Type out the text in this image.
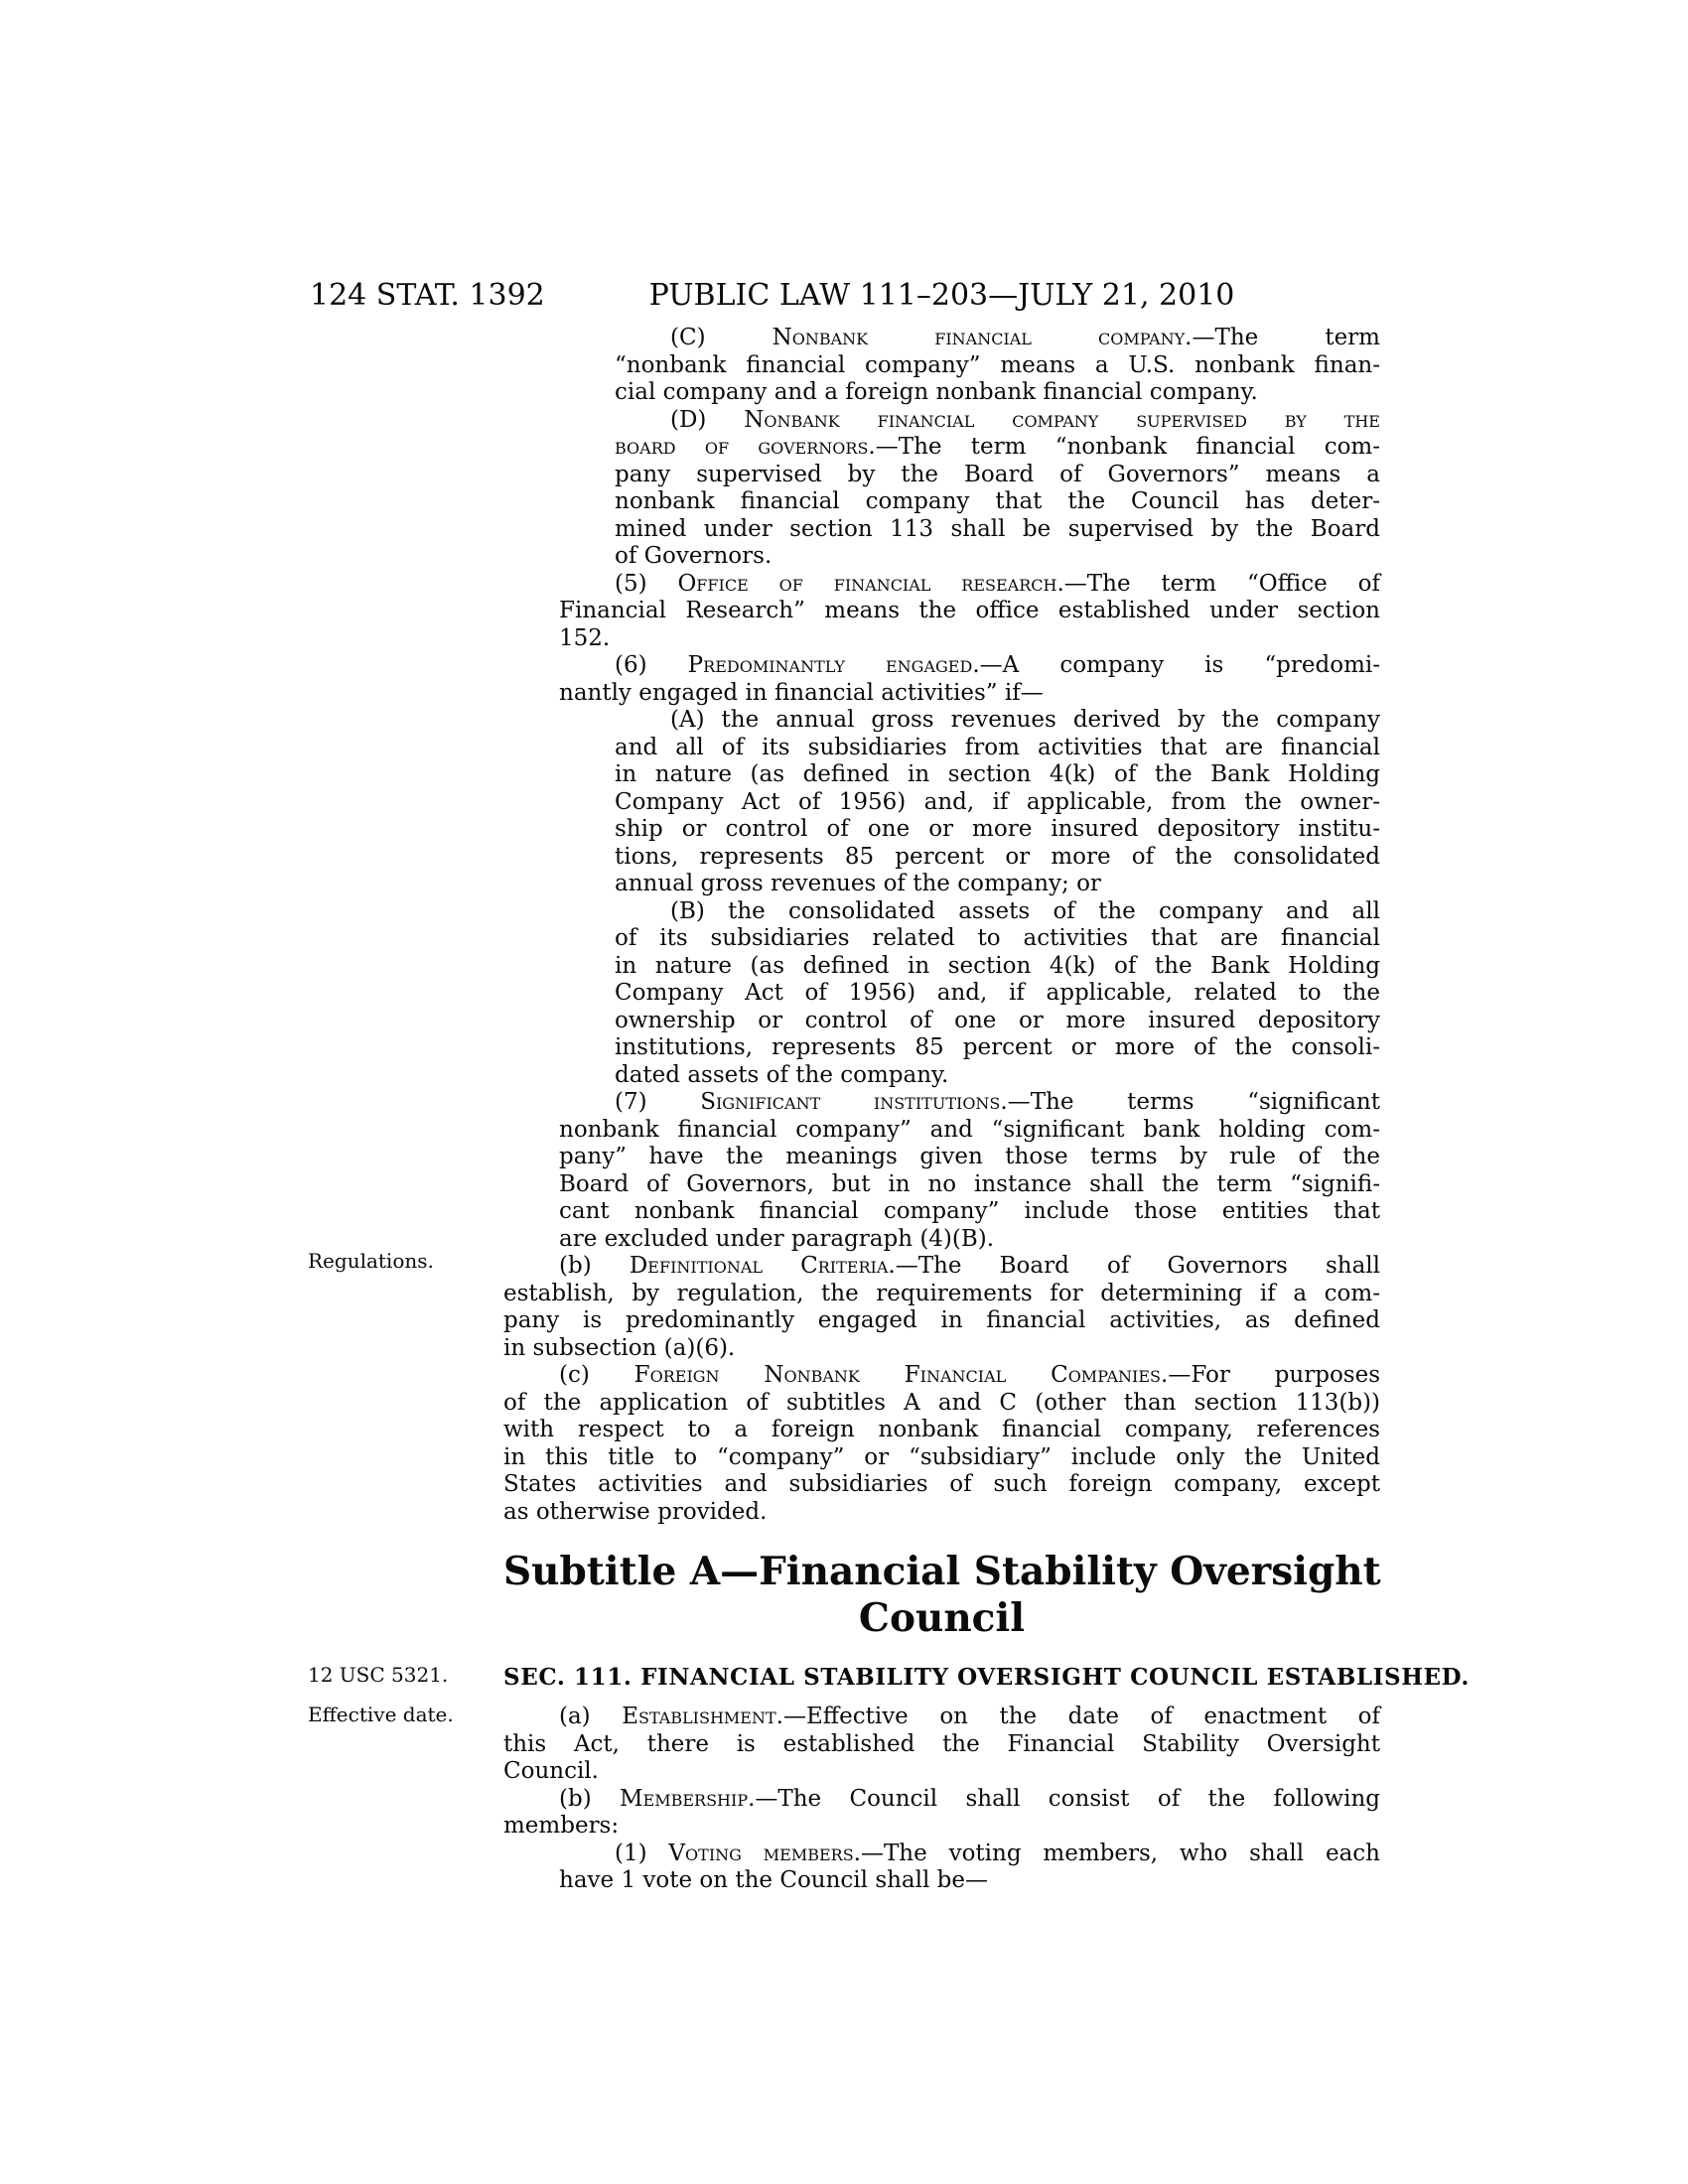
124 STAT. 1392	PUBLIC LAW 111–203—JULY 21, 2010
Regulations.
12 USC 5321.
Effective date.
(C) Nonbank financial company.—The term
“nonbank financial company” means a U.S. nonbank finan-
cial company and a foreign nonbank financial company.
(D) Nonbank financial company supervised by the
board of governors.—The term “nonbank financial com-
pany supervised by the Board of Governors” means a
nonbank financial company that the Council has deter-
mined under section 113 shall be supervised by the Board
of Governors.
(5) Office of financial research.—The term “Office of
Financial Research” means the office established under section
152.
(6) Predominantly engaged.—A company is “predomi-
nantly engaged in financial activities” if—
(A) the annual gross revenues derived by the company
and all of its subsidiaries from activities that are financial
in nature (as defined in section 4(k) of the Bank Holding
Company Act of 1956) and, if applicable, from the owner-
ship or control of one or more insured depository institu-
tions, represents 85 percent or more of the consolidated
annual gross revenues of the company; or
(B) the consolidated assets of the company and all
of its subsidiaries related to activities that are financial
in nature (as defined in section 4(k) of the Bank Holding
Company Act of 1956) and, if applicable, related to the
ownership or control of one or more insured depository
institutions, represents 85 percent or more of the consoli-
dated assets of the company.
(7) Significant institutions.—The terms “significant
nonbank financial company” and “significant bank holding com-
pany” have the meanings given those terms by rule of the
Board of Governors, but in no instance shall the term “signifi-
cant nonbank financial company” include those entities that
are excluded under paragraph (4)(B).
(b) Definitional Criteria.—The Board of Governors shall
establish, by regulation, the requirements for determining if a com-
pany is predominantly engaged in financial activities, as defined
in subsection (a)(6).
(c) Foreign Nonbank Financial Companies.—For purposes
of the application of subtitles A and C (other than section 113(b))
with respect to a foreign nonbank financial company, references
in this title to “company” or “subsidiary” include only the United
States activities and subsidiaries of such foreign company, except
as otherwise provided.
Subtitle A—Financial Stability Oversight
Council
SEC. 111. FINANCIAL STABILITY OVERSIGHT COUNCIL ESTABLISHED.
(a) Establishment.—Effective on the date of enactment of
this Act, there is established the Financial Stability Oversight
Council.
(b) Membership.—The Council shall consist of the following
members:
(1) Voting members.—The voting members, who shall each
have 1 vote on the Council shall be—
